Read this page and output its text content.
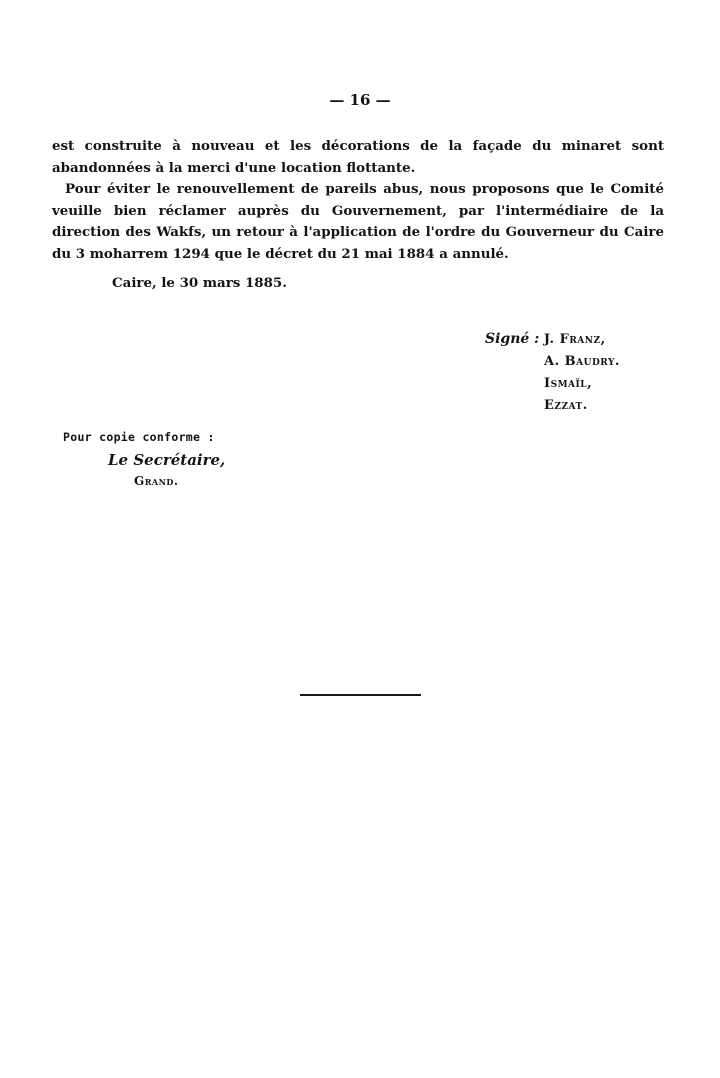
— 16 —

est construite à nouveau et les décorations de la façade du minaret sont abandonnées à la merci d'une location flottante.

Pour éviter le renouvellement de pareils abus, nous proposons que le Comité veuille bien réclamer auprès du Gouvernement, par l'intermédiaire de la direction des Wakfs, un retour à l'application de l'ordre du Gouverneur du Caire du 3 moharrem 1294 que le décret du 21 mai 1884 a annulé.

Caire, le 30 mars 1885.
Signé : J. Franz,
A. Baudry.
Ismaïl,
Ezzat.
Pour copie conforme :
Le Secrétaire,
Grand.
